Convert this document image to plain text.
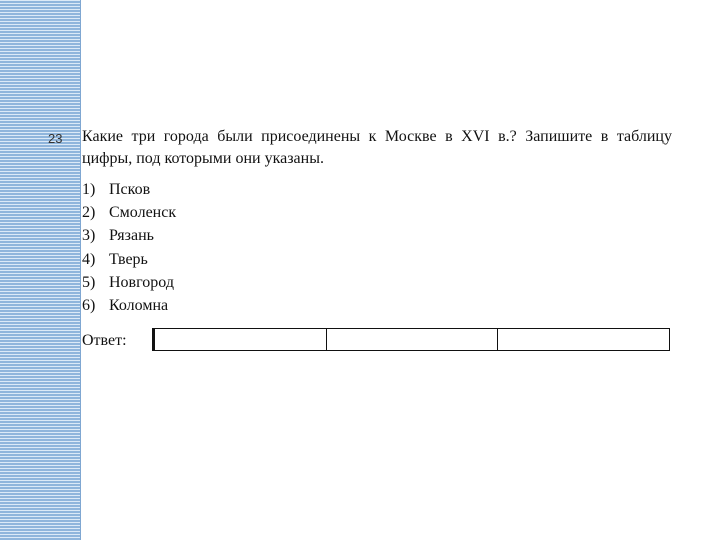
23 Какие три города были присоединены к Москве в XVI в.? Запишите в таблицу цифры, под которыми они указаны.
1) Псков
2) Смоленск
3) Рязань
4) Тверь
5) Новгород
6) Коломна
Ответ:
